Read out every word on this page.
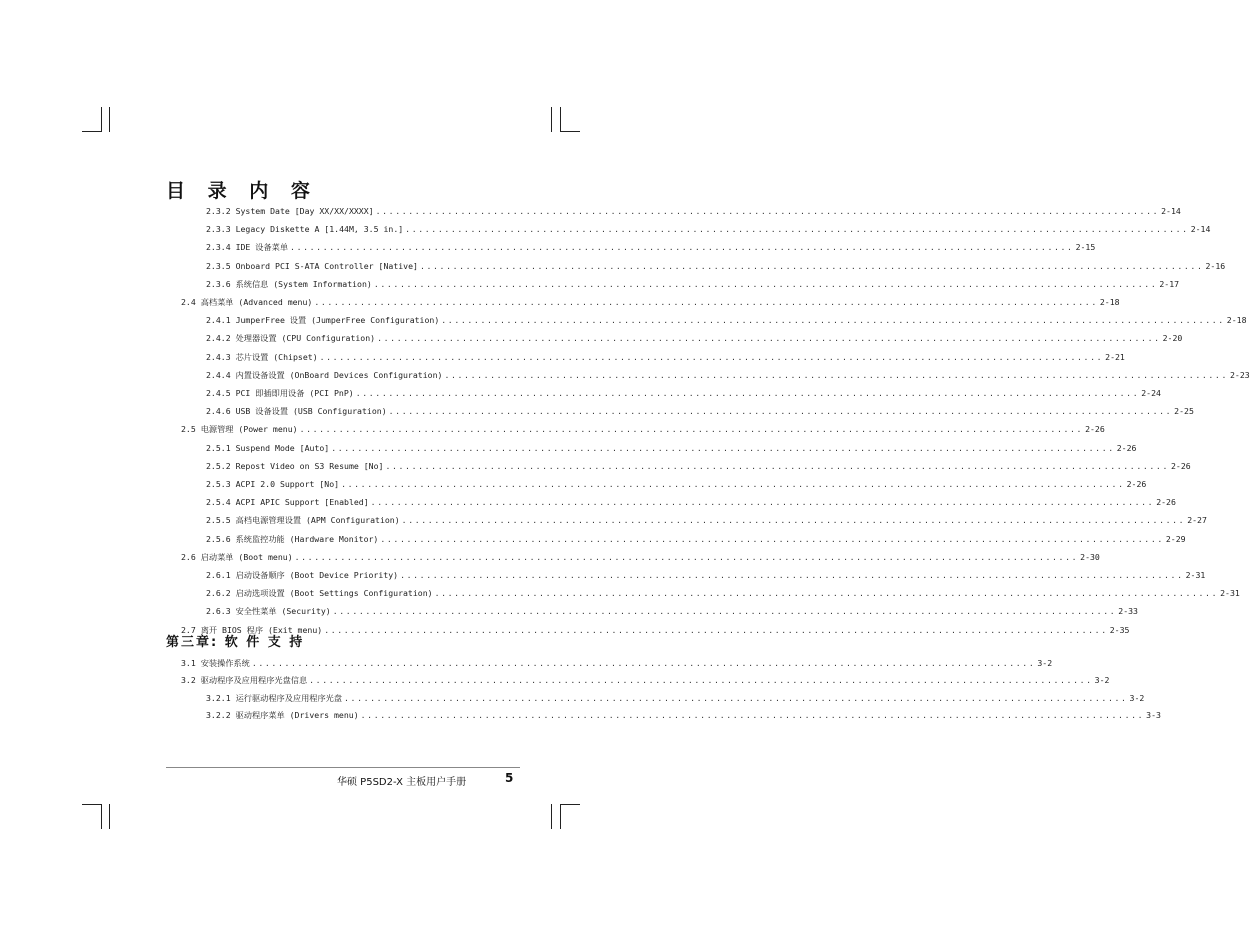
目 录 内 容
2.3.2 System Date [Day XX/XX/XXXX] ........................................................................................................................ 2-14
2.3.3 Legacy Diskette A [1.44M, 3.5 in.] ........................................................................................................................ 2-14
2.3.4 IDE 设备菜单 ........................................................................................................................ 2-15
2.3.5 Onboard PCI S-ATA Controller [Native] ........................................................................................................................ 2-16
2.3.6 系统信息 (System Information) ........................................................................................................................ 2-17
2.4 高档菜单 (Advanced menu) ........................................................................................................................ 2-18
2.4.1 JumperFree 设置 (JumperFree Configuration) ........................................................................................................................ 2-18
2.4.2 处理器设置 (CPU Configuration) ........................................................................................................................ 2-20
2.4.3 芯片设置 (Chipset) ........................................................................................................................ 2-21
2.4.4 内置设备设置 (OnBoard Devices Configuration) ........................................................................................................................ 2-23
2.4.5 PCI 即插即用设备 (PCI PnP) ........................................................................................................................ 2-24
2.4.6 USB 设备设置 (USB Configuration) ........................................................................................................................ 2-25
2.5 电源管理 (Power menu) ........................................................................................................................ 2-26
2.5.1 Suspend Mode [Auto] ........................................................................................................................ 2-26
2.5.2 Repost Video on S3 Resume [No] ........................................................................................................................ 2-26
2.5.3 ACPI 2.0 Support [No] ........................................................................................................................ 2-26
2.5.4 ACPI APIC Support [Enabled] ........................................................................................................................ 2-26
2.5.5 高档电源管理设置 (APM Configuration) ........................................................................................................................ 2-27
2.5.6 系统监控功能 (Hardware Monitor) ........................................................................................................................ 2-29
2.6 启动菜单 (Boot menu) ........................................................................................................................ 2-30
2.6.1 启动设备顺序 (Boot Device Priority) ........................................................................................................................ 2-31
2.6.2 启动选项设置 (Boot Settings Configuration) ........................................................................................................................ 2-31
2.6.3 安全性菜单 (Security) ........................................................................................................................ 2-33
2.7 离开 BIOS 程序 (Exit menu) ........................................................................................................................ 2-35
第三章: 软 件 支 持
3.1 安装操作系统 ........................................................................................................................ 3-2
3.2 驱动程序及应用程序光盘信息 ........................................................................................................................ 3-2
3.2.1 运行驱动程序及应用程序光盘 ........................................................................................................................ 3-2
3.2.2 驱动程序菜单 (Drivers menu) ........................................................................................................................ 3-3
华硕 P5SD2-X 主板用户手册	5
